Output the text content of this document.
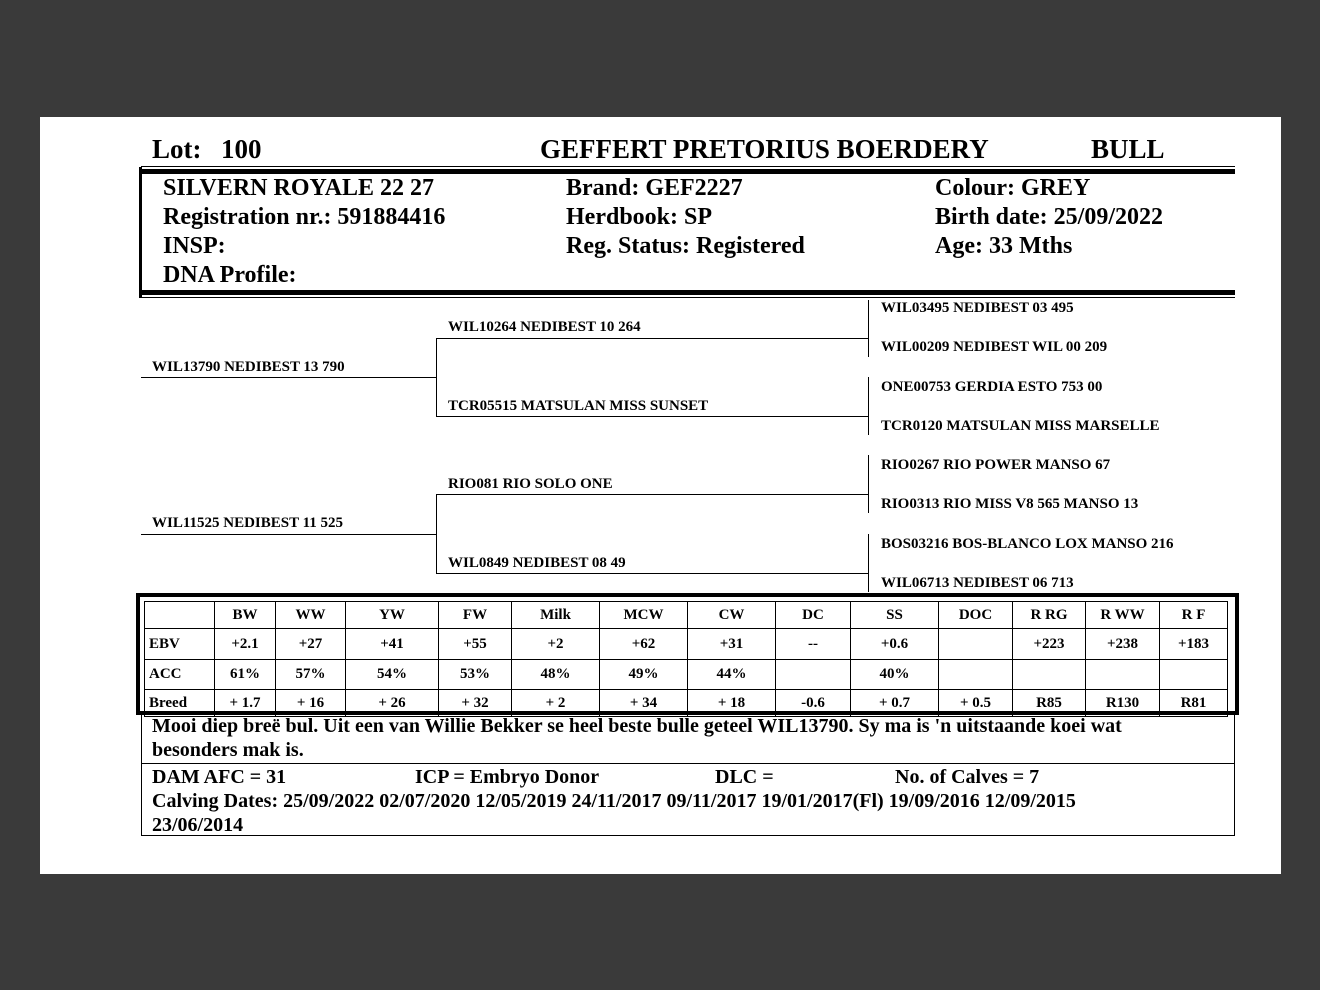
Lot: 100	GEFFERT PRETORIUS BOERDERY	BULL
SILVERN ROYALE 22 27
Registration nr.: 591884416
INSP:
DNA Profile:
Brand: GEF2227
Herdbook: SP
Reg. Status: Registered
Colour: GREY
Birth date: 25/09/2022
Age: 33 Mths
WIL13790 NEDIBEST 13 790
WIL11525 NEDIBEST 11 525
WIL10264 NEDIBEST 10 264
TCR05515 MATSULAN MISS SUNSET
RIO081 RIO SOLO ONE
WIL0849 NEDIBEST 08 49
WIL03495 NEDIBEST 03 495
WIL00209 NEDIBEST WIL 00 209
ONE00753 GERDIA ESTO 753 00
TCR0120 MATSULAN MISS MARSELLE
RIO0267 RIO POWER MANSO 67
RIO0313 RIO MISS V8 565 MANSO 13
BOS03216 BOS-BLANCO LOX MANSO 216
WIL06713 NEDIBEST 06 713
	BW	WW	YW	FW	Milk	MCW	CW	DC	SS	DOC	R RG	R WW	R F
EBV	+2.1	+27	+41	+55	+2	+62	+31	--	+0.6		+223	+238	+183
ACC	61%	57%	54%	53%	48%	49%	44%		40%				
Breed	+ 1.7	+ 16	+ 26	+ 32	+ 2	+ 34	+ 18	-0.6	+ 0.7	+ 0.5	R85	R130	R81
Mooi diep breë bul. Uit een van Willie Bekker se heel beste bulle geteel WIL13790. Sy ma is 'n uitstaande koei wat
besonders mak is.
DAM AFC = 31	ICP = Embryo Donor	DLC =	No. of Calves = 7
Calving Dates: 25/09/2022 02/07/2020 12/05/2019 24/11/2017 09/11/2017 19/01/2017(Fl) 19/09/2016 12/09/2015
23/06/2014
